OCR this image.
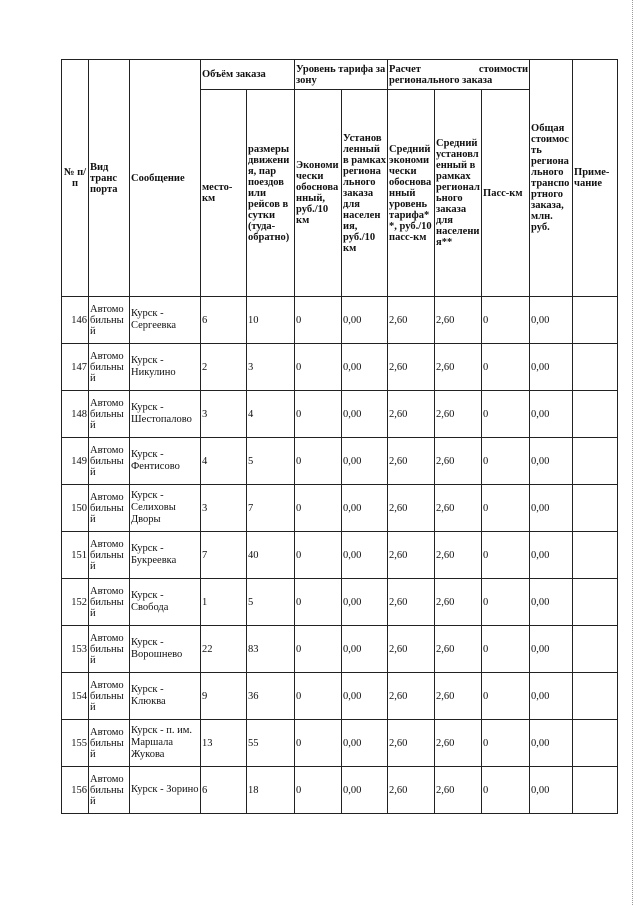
№ п/п	Вид транс порта	Сообщение	Объём заказа		Уровень тарифа за зону		Расчет стоимости регионального заказа			Общая стоимость регионального транспортного заказа, млн. руб.	Приме-чание
			место-км	размеры движения, пар поездов или рейсов в сутки (туда-обратно)	Экономически обоснованный, руб./10 км	Установленный в рамках регионального заказа для населения, руб./10 км	Средний экономически обоснованный уровень тарифа**, руб./10 пасс-км	Средний установленный в рамках регионального заказа для населения**	Пасс-км		
146	Автомобильный	Курск - Сергеевка	6	10	0	0,00	2,60	2,60	0	0,00	
147	Автомобильный	Курск - Никулино	2	3	0	0,00	2,60	2,60	0	0,00	
148	Автомобильный	Курск - Шестопалово	3	4	0	0,00	2,60	2,60	0	0,00	
149	Автомобильный	Курск - Фентисово	4	5	0	0,00	2,60	2,60	0	0,00	
150	Автомобильный	Курск - Селиховы Дворы	3	7	0	0,00	2,60	2,60	0	0,00	
151	Автомобильный	Курск - Букреевка	7	40	0	0,00	2,60	2,60	0	0,00	
152	Автомобильный	Курск - Свобода	1	5	0	0,00	2,60	2,60	0	0,00	
153	Автомобильный	Курск - Ворошнево	22	83	0	0,00	2,60	2,60	0	0,00	
154	Автомобильный	Курск - Клюква	9	36	0	0,00	2,60	2,60	0	0,00	
155	Автомобильный	Курск - п. им. Маршала Жукова	13	55	0	0,00	2,60	2,60	0	0,00	
156	Автомобильный	Курск - Зорино	6	18	0	0,00	2,60	2,60	0	0,00	
